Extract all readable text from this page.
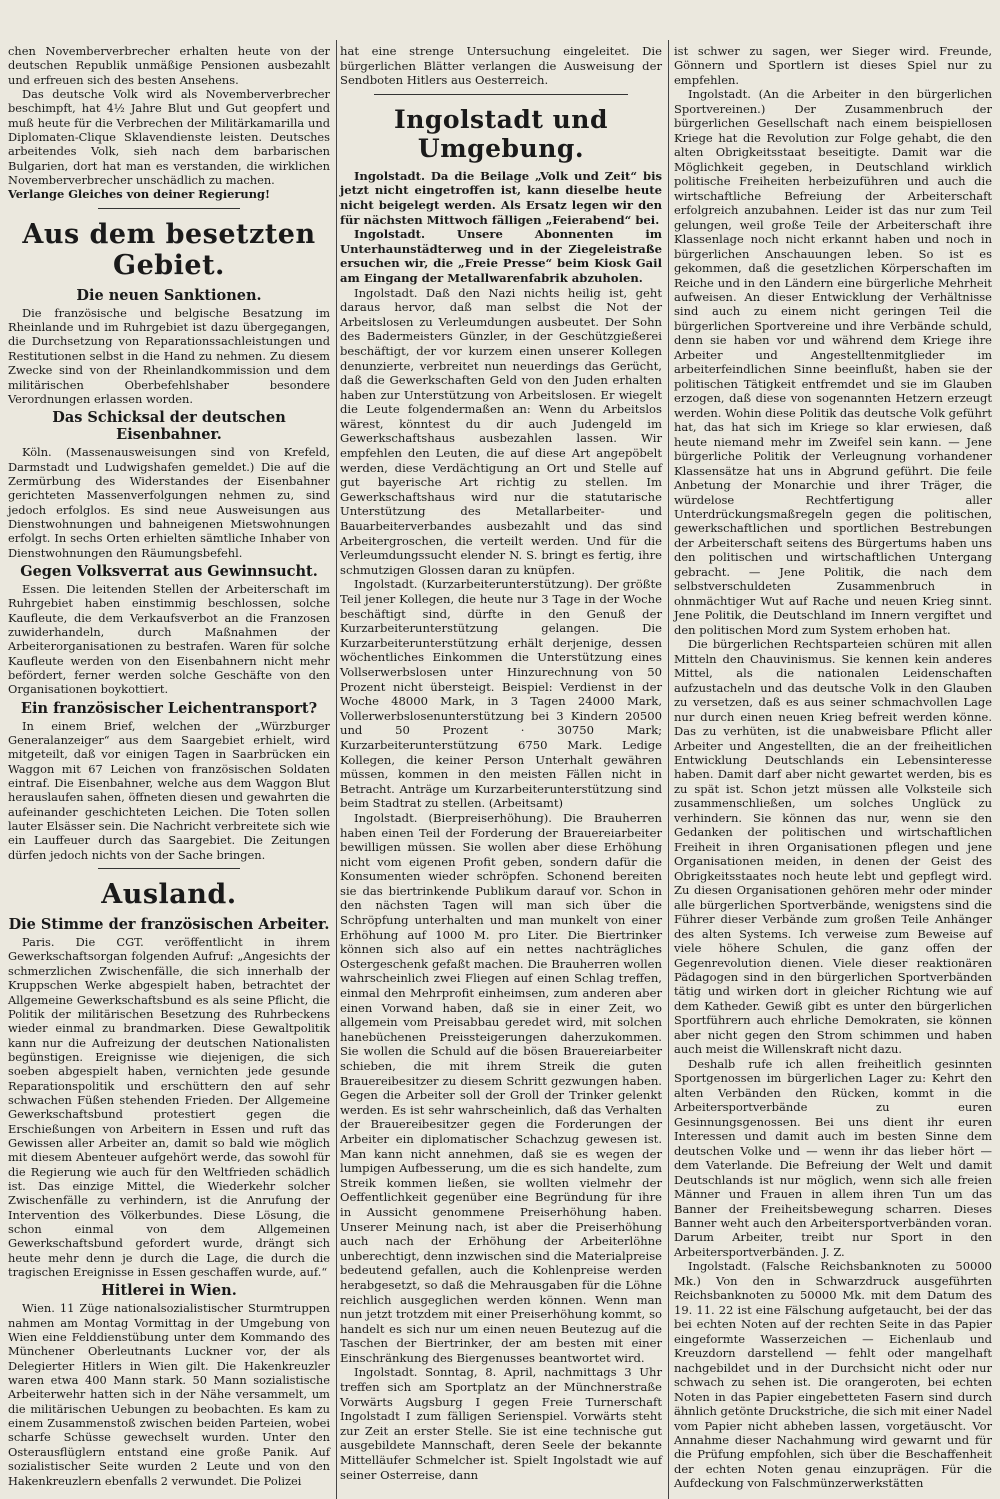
chen Novemberverbrecher erhalten heute von der deutschen Republik unmäßige Pensionen ausbezahlt und erfreuen sich des besten Ansehens.

Das deutsche Volk wird als Novemberverbrecher beschimpft, hat 4½ Jahre Blut und Gut geopfert und muß heute für die Verbrechen der Militärkamarilla und Diplomaten-Clique Sklavendienste leisten. Deutsches arbeitendes Volk, sieh nach dem barbarischen Bulgarien, dort hat man es verstanden, die wirklichen Novemberverbrecher unschädlich zu machen.

Verlange Gleiches von deiner Regierung!

Aus dem besetzten Gebiet.
Die neuen Sanktionen.

Die französische und belgische Besatzung im Rheinlande und im Ruhrgebiet ist dazu übergegangen, die Durchsetzung von Reparationssachleistungen und Restitutionen selbst in die Hand zu nehmen. Zu diesem Zwecke sind von der Rheinlandkommission und dem militärischen Oberbefehlshaber besondere Verordnungen erlassen worden.

Das Schicksal der deutschen Eisenbahner.

Köln. (Massenausweisungen sind von Krefeld, Darmstadt und Ludwigshafen gemeldet.) Die auf die Zermürbung des Widerstandes der Eisenbahner gerichteten Massenverfolgungen nehmen zu, sind jedoch erfolglos. Es sind neue Ausweisungen aus Dienstwohnungen und bahneigenen Mietswohnungen erfolgt. In sechs Orten erhielten sämtliche Inhaber von Dienstwohnungen den Räumungsbefehl.

Gegen Volksverrat aus Gewinnsucht.

Essen. Die leitenden Stellen der Arbeiterschaft im Ruhrgebiet haben einstimmig beschlossen, solche Kaufleute, die dem Verkaufsverbot an die Franzosen zuwiderhandeln, durch Maßnahmen der Arbeiterorganisationen zu bestrafen. Waren für solche Kaufleute werden von den Eisenbahnern nicht mehr befördert, ferner werden solche Geschäfte von den Organisationen boykottiert.

Ein französischer Leichentransport?

In einem Brief, welchen der „Würzburger Generalanzeiger“ aus dem Saargebiet erhielt, wird mitgeteilt, daß vor einigen Tagen in Saarbrücken ein Waggon mit 67 Leichen von französischen Soldaten eintraf. Die Eisenbahner, welche aus dem Waggon Blut herauslaufen sahen, öffneten diesen und gewahrten die aufeinander geschichteten Leichen. Die Toten sollen lauter Elsässer sein. Die Nachricht verbreitete sich wie ein Lauffeuer durch das Saargebiet. Die Zeitungen dürfen jedoch nichts von der Sache bringen.

Ausland.
Die Stimme der französischen Arbeiter.

Paris. Die CGT. veröffentlicht in ihrem Gewerkschaftsorgan folgenden Aufruf: „Angesichts der schmerzlichen Zwischenfälle, die sich innerhalb der Kruppschen Werke abgespielt haben, betrachtet der Allgemeine Gewerkschaftsbund es als seine Pflicht, die Politik der militärischen Besetzung des Ruhrbeckens wieder einmal zu brandmarken. Diese Gewaltpolitik kann nur die Aufreizung der deutschen Nationalisten begünstigen. Ereignisse wie diejenigen, die sich soeben abgespielt haben, vernichten jede gesunde Reparationspolitik und erschüttern den auf sehr schwachen Füßen stehenden Frieden. Der Allgemeine Gewerkschaftsbund protestiert gegen die Erschießungen von Arbeitern in Essen und ruft das Gewissen aller Arbeiter an, damit so bald wie möglich mit diesem Abenteuer aufgehört werde, das sowohl für die Regierung wie auch für den Weltfrieden schädlich ist. Das einzige Mittel, die Wiederkehr solcher Zwischenfälle zu verhindern, ist die Anrufung der Intervention des Völkerbundes. Diese Lösung, die schon einmal von dem Allgemeinen Gewerkschaftsbund gefordert wurde, drängt sich heute mehr denn je durch die Lage, die durch die tragischen Ereignisse in Essen geschaffen wurde, auf.“

Hitlerei in Wien.

Wien. 11 Züge nationalsozialistischer Sturmtruppen nahmen am Montag Vormittag in der Umgebung von Wien eine Felddienstübung unter dem Kommando des Münchener Oberleutnants Luckner vor, der als Delegierter Hitlers in Wien gilt. Die Hakenkreuzler waren etwa 400 Mann stark. 50 Mann sozialistische Arbeiterwehr hatten sich in der Nähe versammelt, um die militärischen Uebungen zu beobachten. Es kam zu einem Zusammenstoß zwischen beiden Parteien, wobei scharfe Schüsse gewechselt wurden. Unter den Osterausflüglern entstand eine große Panik. Auf sozialistischer Seite wurden 2 Leute und von den Hakenkreuzlern ebenfalls 2 verwundet. Die Polizei

hat eine strenge Untersuchung eingeleitet. Die bürgerlichen Blätter verlangen die Ausweisung der Sendboten Hitlers aus Oesterreich.

Ingolstadt und Umgebung.

Ingolstadt. Da die Beilage „Volk und Zeit“ bis jetzt nicht eingetroffen ist, kann dieselbe heute nicht beigelegt werden. Als Ersatz legen wir den für nächsten Mittwoch fälligen „Feierabend“ bei.

Ingolstadt. Unsere Abonnenten im Unterhaunstädterweg und in der Ziegeleistraße ersuchen wir, die „Freie Presse“ beim Kiosk Gail am Eingang der Metallwarenfabrik abzuholen.

Ingolstadt. Daß den Nazi nichts heilig ist, geht daraus hervor, daß man selbst die Not der Arbeitslosen zu Verleumdungen ausbeutet. Der Sohn des Badermeisters Günzler, in der Geschützgießerei beschäftigt, der vor kurzem einen unserer Kollegen denunzierte, verbreitet nun neuerdings das Gerücht, daß die Gewerkschaften Geld von den Juden erhalten haben zur Unterstützung von Arbeitslosen. Er wiegelt die Leute folgendermaßen an: Wenn du Arbeitslos wärest, könntest du dir auch Judengeld im Gewerkschaftshaus ausbezahlen lassen. Wir empfehlen den Leuten, die auf diese Art angepöbelt werden, diese Verdächtigung an Ort und Stelle auf gut bayerische Art richtig zu stellen. Im Gewerkschaftshaus wird nur die statutarische Unterstützung des Metallarbeiter- und Bauarbeiterverbandes ausbezahlt und das sind Arbeitergroschen, die verteilt werden. Und für die Verleumdungssucht elender N. S. bringt es fertig, ihre schmutzigen Glossen daran zu knüpfen.

Ingolstadt. (Kurzarbeiterunterstützung). Der größte Teil jener Kollegen, die heute nur 3 Tage in der Woche beschäftigt sind, dürfte in den Genuß der Kurzarbeiterunterstützung gelangen. Die Kurzarbeiterunterstützung erhält derjenige, dessen wöchentliches Einkommen die Unterstützung eines Vollserwerbslosen unter Hinzurechnung von 50 Prozent nicht übersteigt. Beispiel: Verdienst in der Woche 48000 Mark, in 3 Tagen 24000 Mark, Vollerwerbslosenunterstützung bei 3 Kindern 20500 und 50 Prozent · 30750 Mark; Kurzarbeiterunterstützung 6750 Mark. Ledige Kollegen, die keiner Person Unterhalt gewähren müssen, kommen in den meisten Fällen nicht in Betracht. Anträge um Kurzarbeiterunterstützung sind beim Stadtrat zu stellen. (Arbeitsamt)

Ingolstadt. (Bierpreiserhöhung). Die Brauherren haben einen Teil der Forderung der Brauereiarbeiter bewilligen müssen. Sie wollen aber diese Erhöhung nicht vom eigenen Profit geben, sondern dafür die Konsumenten wieder schröpfen. Schonend bereiten sie das biertrinkende Publikum darauf vor. Schon in den nächsten Tagen will man sich über die Schröpfung unterhalten und man munkelt von einer Erhöhung auf 1000 M. pro Liter. Die Biertrinker können sich also auf ein nettes nachträgliches Ostergeschenk gefaßt machen. Die Brauherren wollen wahrscheinlich zwei Fliegen auf einen Schlag treffen, einmal den Mehrprofit einheimsen, zum anderen aber einen Vorwand haben, daß sie in einer Zeit, wo allgemein vom Preisabbau geredet wird, mit solchen hanebüchenen Preissteigerungen daherzukommen. Sie wollen die Schuld auf die bösen Brauereiarbeiter schieben, die mit ihrem Streik die guten Brauereibesitzer zu diesem Schritt gezwungen haben. Gegen die Arbeiter soll der Groll der Trinker gelenkt werden. Es ist sehr wahrscheinlich, daß das Verhalten der Brauereibesitzer gegen die Forderungen der Arbeiter ein diplomatischer Schachzug gewesen ist. Man kann nicht annehmen, daß sie es wegen der lumpigen Aufbesserung, um die es sich handelte, zum Streik kommen ließen, sie wollten vielmehr der Oeffentlichkeit gegenüber eine Begründung für ihre in Aussicht genommene Preiserhöhung haben. Unserer Meinung nach, ist aber die Preiserhöhung auch nach der Erhöhung der Arbeiterlöhne unberechtigt, denn inzwischen sind die Materialpreise bedeutend gefallen, auch die Kohlenpreise werden herabgesetzt, so daß die Mehrausgaben für die Löhne reichlich ausgeglichen werden können. Wenn man nun jetzt trotzdem mit einer Preiserhöhung kommt, so handelt es sich nur um einen neuen Beutezug auf die Taschen der Biertrinker, der am besten mit einer Einschränkung des Biergenusses beantwortet wird.

Ingolstadt. Sonntag, 8. April, nachmittags 3 Uhr treffen sich am Sportplatz an der Münchnerstraße Vorwärts Augsburg I gegen Freie Turnerschaft Ingolstadt I zum fälligen Serienspiel. Vorwärts steht zur Zeit an erster Stelle. Sie ist eine technische gut ausgebildete Mannschaft, deren Seele der bekannte Mittelläufer Schmelcher ist. Spielt Ingolstadt wie auf seiner Osterreise, dann

ist schwer zu sagen, wer Sieger wird. Freunde, Gönnern und Sportlern ist dieses Spiel nur zu empfehlen.

Ingolstadt. (An die Arbeiter in den bürgerlichen Sportvereinen.) Der Zusammenbruch der bürgerlichen Gesellschaft nach einem beispiellosen Kriege hat die Revolution zur Folge gehabt, die den alten Obrigkeitsstaat beseitigte. Damit war die Möglichkeit gegeben, in Deutschland wirklich politische Freiheiten herbeizuführen und auch die wirtschaftliche Befreiung der Arbeiterschaft erfolgreich anzubahnen. Leider ist das nur zum Teil gelungen, weil große Teile der Arbeiterschaft ihre Klassenlage noch nicht erkannt haben und noch in bürgerlichen Anschauungen leben. So ist es gekommen, daß die gesetzlichen Körperschaften im Reiche und in den Ländern eine bürgerliche Mehrheit aufweisen. An dieser Entwicklung der Verhältnisse sind auch zu einem nicht geringen Teil die bürgerlichen Sportvereine und ihre Verbände schuld, denn sie haben vor und während dem Kriege ihre Arbeiter und Angestelltenmitglieder im arbeiterfeindlichen Sinne beeinflußt, haben sie der politischen Tätigkeit entfremdet und sie im Glauben erzogen, daß diese von sogenannten Hetzern erzeugt werden. Wohin diese Politik das deutsche Volk geführt hat, das hat sich im Kriege so klar erwiesen, daß heute niemand mehr im Zweifel sein kann. — Jene bürgerliche Politik der Verleugnung vorhandener Klassensätze hat uns in Abgrund geführt. Die feile Anbetung der Monarchie und ihrer Träger, die würdelose Rechtfertigung aller Unterdrückungsmaßregeln gegen die politischen, gewerkschaftlichen und sportlichen Bestrebungen der Arbeiterschaft seitens des Bürgertums haben uns den politischen und wirtschaftlichen Untergang gebracht. — Jene Politik, die nach dem selbstverschuldeten Zusammenbruch in ohnmächtiger Wut auf Rache und neuen Krieg sinnt. Jene Politik, die Deutschland im Innern vergiftet und den politischen Mord zum System erhoben hat.

Die bürgerlichen Rechtsparteien schüren mit allen Mitteln den Chauvinismus. Sie kennen kein anderes Mittel, als die nationalen Leidenschaften aufzustacheln und das deutsche Volk in den Glauben zu versetzen, daß es aus seiner schmachvollen Lage nur durch einen neuen Krieg befreit werden könne. Das zu verhüten, ist die unabweisbare Pflicht aller Arbeiter und Angestellten, die an der freiheitlichen Entwicklung Deutschlands ein Lebensinteresse haben. Damit darf aber nicht gewartet werden, bis es zu spät ist. Schon jetzt müssen alle Volksteile sich zusammenschließen, um solches Unglück zu verhindern. Sie können das nur, wenn sie den Gedanken der politischen und wirtschaftlichen Freiheit in ihren Organisationen pflegen und jene Organisationen meiden, in denen der Geist des Obrigkeitsstaates noch heute lebt und gepflegt wird. Zu diesen Organisationen gehören mehr oder minder alle bürgerlichen Sportverbände, wenigstens sind die Führer dieser Verbände zum großen Teile Anhänger des alten Systems. Ich verweise zum Beweise auf viele höhere Schulen, die ganz offen der Gegenrevolution dienen. Viele dieser reaktionären Pädagogen sind in den bürgerlichen Sportverbänden tätig und wirken dort in gleicher Richtung wie auf dem Katheder. Gewiß gibt es unter den bürgerlichen Sportführern auch ehrliche Demokraten, sie können aber nicht gegen den Strom schimmen und haben auch meist die Willenskraft nicht dazu.

Deshalb rufe ich allen freiheitlich gesinnten Sportgenossen im bürgerlichen Lager zu: Kehrt den alten Verbänden den Rücken, kommt in die Arbeitersportverbände zu euren Gesinnungsgenossen. Bei uns dient ihr euren Interessen und damit auch im besten Sinne dem deutschen Volke und — wenn ihr das lieber hört — dem Vaterlande. Die Befreiung der Welt und damit Deutschlands ist nur möglich, wenn sich alle freien Männer und Frauen in allem ihren Tun um das Banner der Freiheitsbewegung scharren. Dieses Banner weht auch den Arbeitersportverbänden voran. Darum Arbeiter, treibt nur Sport in den Arbeitersportverbänden. J. Z.

Ingolstadt. (Falsche Reichsbanknoten zu 50000 Mk.) Von den in Schwarzdruck ausgeführten Reichsbanknoten zu 50000 Mk. mit dem Datum des 19. 11. 22 ist eine Fälschung aufgetaucht, bei der das bei echten Noten auf der rechten Seite in das Papier eingeformte Wasserzeichen — Eichenlaub und Kreuzdorn darstellend — fehlt oder mangelhaft nachgebildet und in der Durchsicht nicht oder nur schwach zu sehen ist. Die orangeroten, bei echten Noten in das Papier eingebetteten Fasern sind durch ähnlich getönte Druckstriche, die sich mit einer Nadel vom Papier nicht abheben lassen, vorgetäuscht. Vor Annahme dieser Nachahmung wird gewarnt und für die Prüfung empfohlen, sich über die Beschaffenheit der echten Noten genau einzuprägen. Für die Aufdeckung von Falschmünzerwerkstätten
